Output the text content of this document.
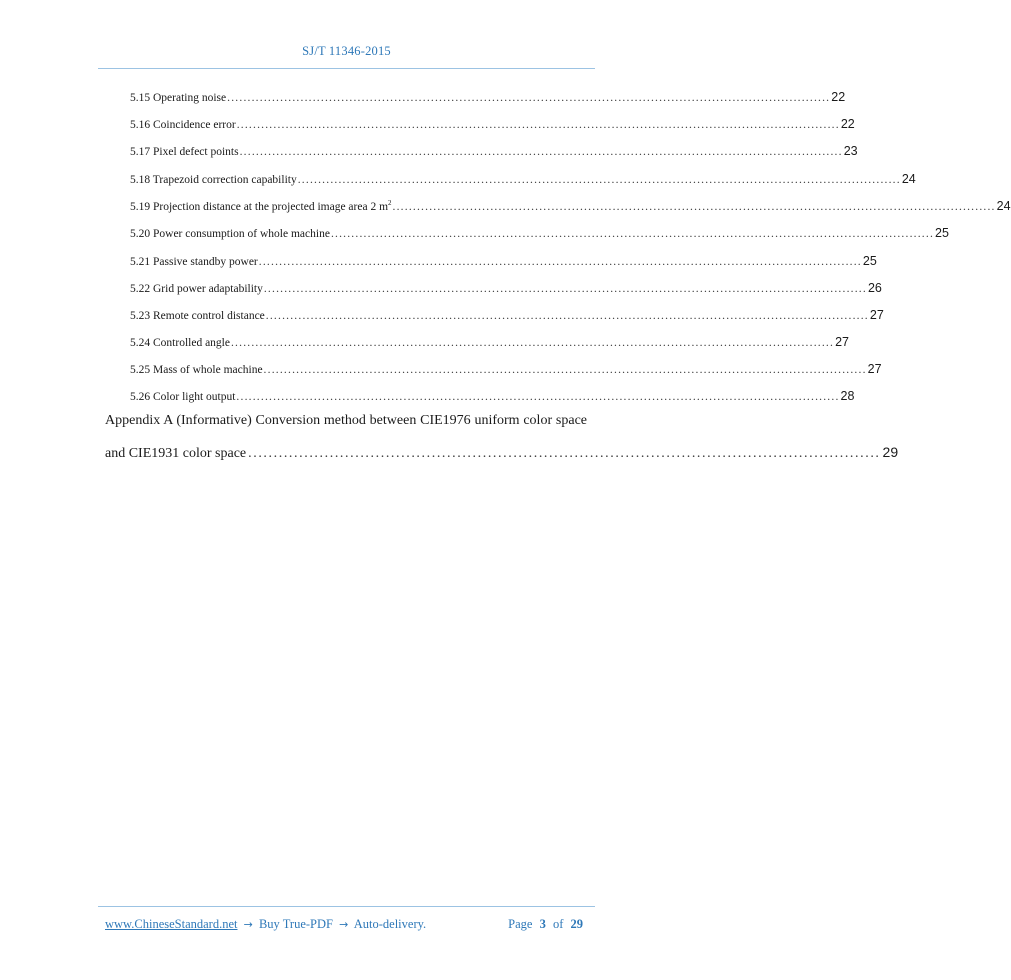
SJ/T 11346-2015
5.15 Operating noise .................................................................................................................................................... 22
5.16 Coincidence error .................................................................................................................................................... 22
5.17 Pixel defect points .................................................................................................................................................... 23
5.18 Trapezoid correction capability .................................................................................................................................................... 24
5.19 Projection distance at the projected image area 2 $m^2$ .................................................................................................................................................... 24
5.20 Power consumption of whole machine .................................................................................................................................................... 25
5.21 Passive standby power .................................................................................................................................................... 25
5.22 Grid power adaptability .................................................................................................................................................... 26
5.23 Remote control distance .................................................................................................................................................... 27
5.24 Controlled angle .................................................................................................................................................... 27
5.25 Mass of whole machine .................................................................................................................................................... 27
5.26 Color light output .................................................................................................................................................... 28
Appendix A (Informative) Conversion method between CIE1976 uniform color space
and CIE1931 color space ............................................................................................................................ 29
www.ChineseStandard.net → Buy True-PDF → Auto-delivery.	Page 3 of 29
